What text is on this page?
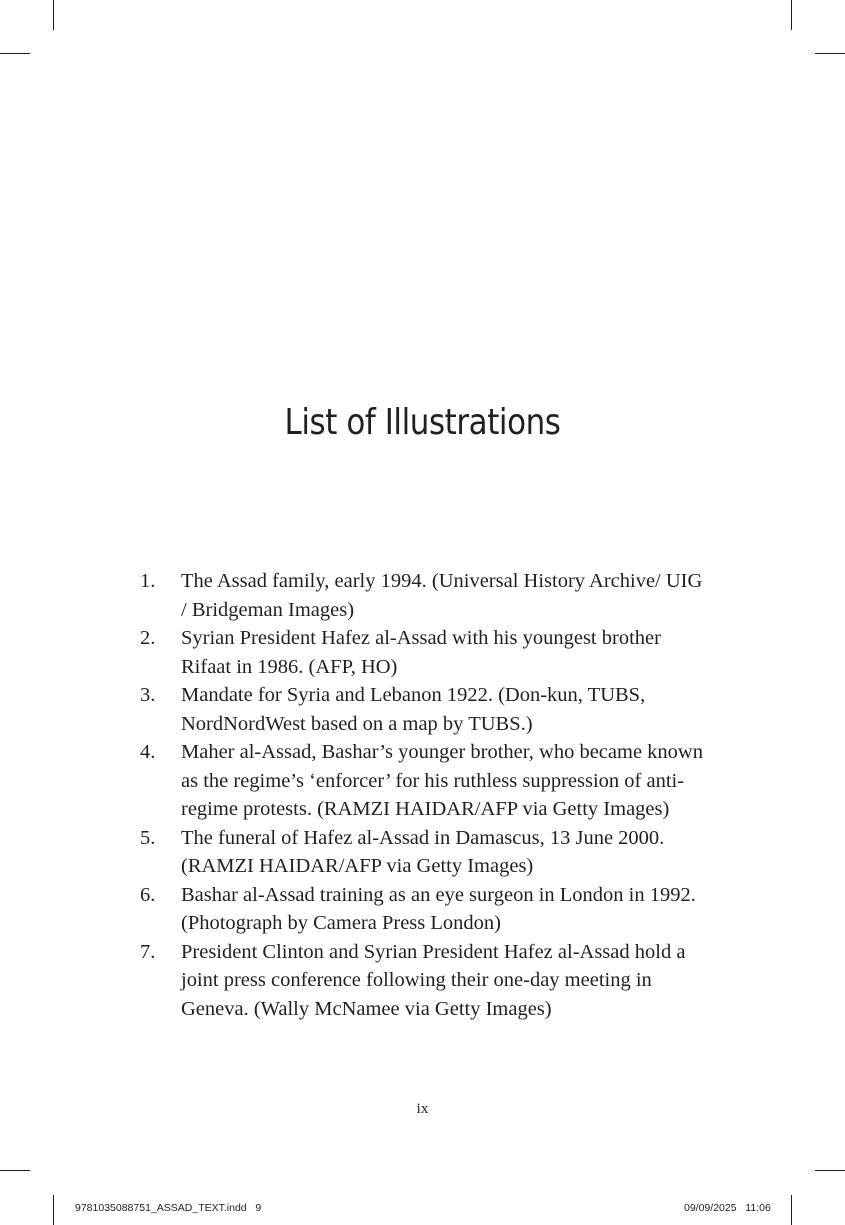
List of Illustrations
1.	The Assad family, early 1994. (Universal History Archive/ UIG / Bridgeman Images)
2.	Syrian President Hafez al-Assad with his youngest brother Rifaat in 1986. (AFP, HO)
3.	Mandate for Syria and Lebanon 1922. (Don-kun, TUBS, NordNordWest based on a map by TUBS.)
4.	Maher al-Assad, Bashar’s younger brother, who became known as the regime’s ‘enforcer’ for his ruthless suppression of anti-regime protests. (RAMZI HAIDAR/AFP via Getty Images)
5.	The funeral of Hafez al-Assad in Damascus, 13 June 2000. (RAMZI HAIDAR/AFP via Getty Images)
6.	Bashar al-Assad training as an eye surgeon in London in 1992. (Photograph by Camera Press London)
7.	President Clinton and Syrian President Hafez al-Assad hold a joint press conference following their one-day meeting in Geneva. (Wally McNamee via Getty Images)
ix
9781035088751_ASSAD_TEXT.indd   9	09/09/2025   11:06
